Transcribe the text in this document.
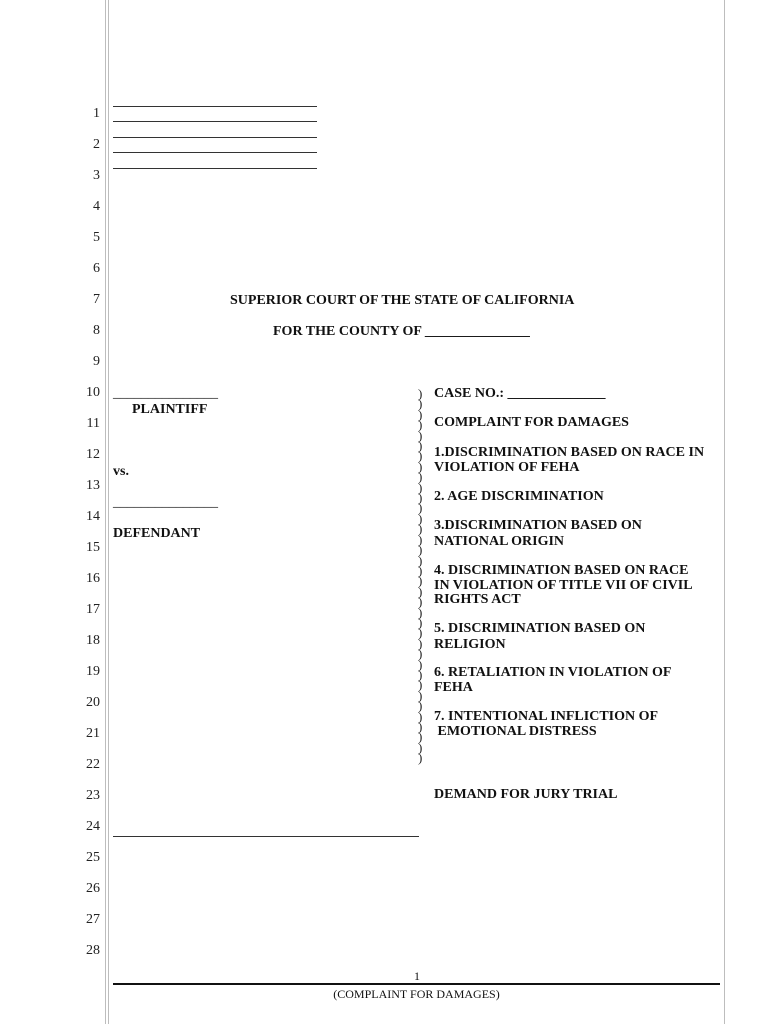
1
2
3
4
5
6
7
8
9
10
11
12
13
14
15
16
17
18
19
20
21
22
23
24
25
26
27
28
SUPERIOR COURT OF THE STATE OF CALIFORNIA
FOR THE COUNTY OF _______________
_______________
PLAINTIFF
vs.
_______________
DEFENDANT
)
)
)
)
)
)
)
)
)
)
)
)
)
)
)
)
)
)
)
)
)
)
)
)
)
)
)
)
)
)
)
)
)
)
)
)
CASE NO.: ______________
COMPLAINT FOR DAMAGES
1.DISCRIMINATION BASED ON RACE IN
VIOLATION OF FEHA
2. AGE DISCRIMINATION
3.DISCRIMINATION BASED ON
NATIONAL ORIGIN
4. DISCRIMINATION BASED ON RACE
IN VIOLATION OF TITLE VII OF CIVIL
RIGHTS ACT
5. DISCRIMINATION BASED ON
RELIGION
6. RETALIATION IN VIOLATION OF
FEHA
7. INTENTIONAL INFLICTION OF
EMOTIONAL DISTRESS
DEMAND FOR JURY TRIAL
1
(COMPLAINT FOR DAMAGES)
